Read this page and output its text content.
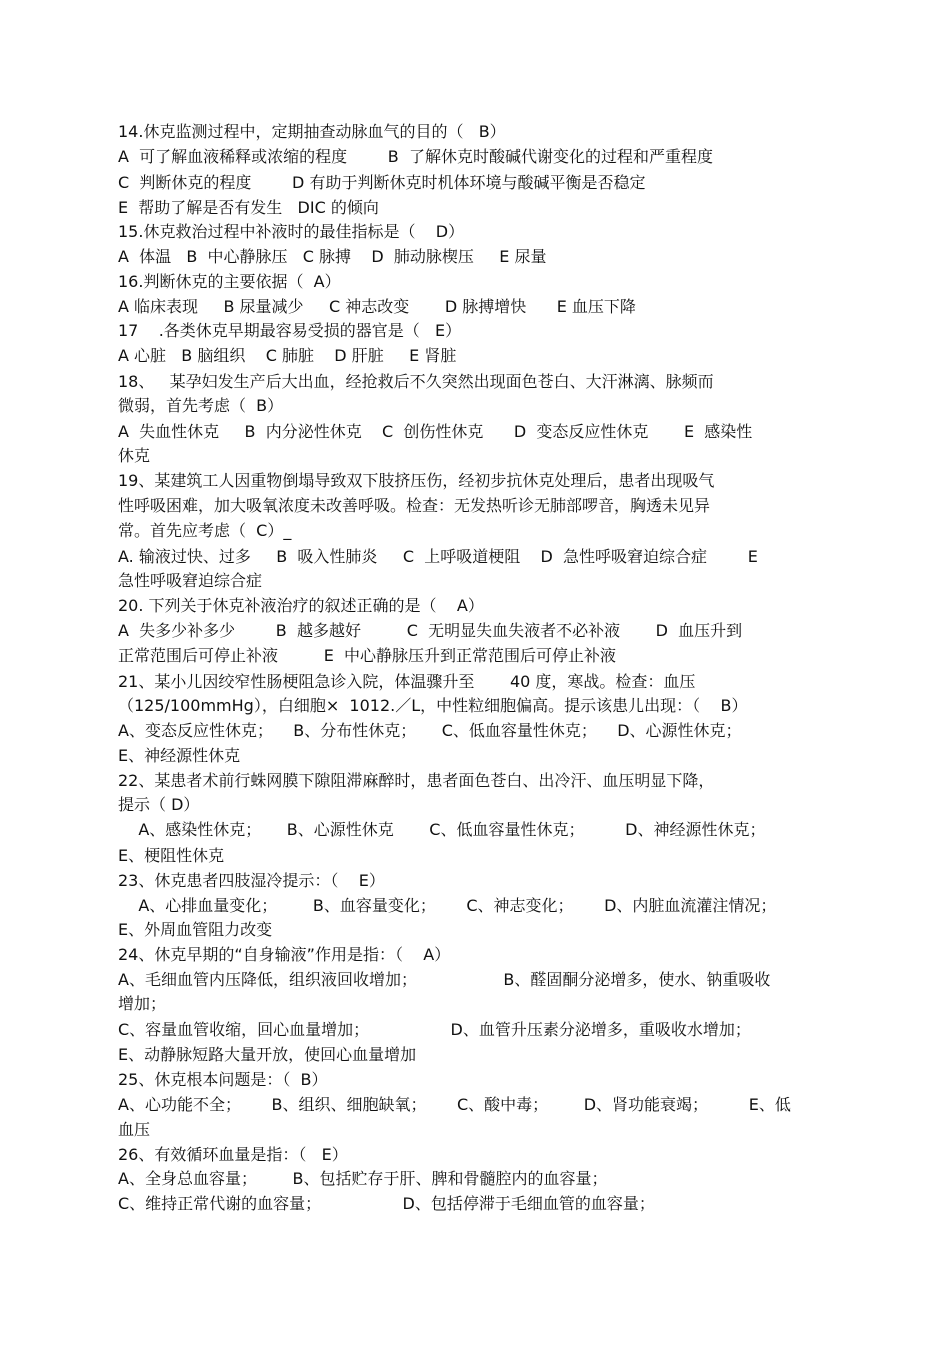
14.休克监测过程中，定期抽查动脉血气的目的（   B）
A  可了解血液稀释或浓缩的程度        B  了解休克时酸碱代谢变化的过程和严重程度
C  判断休克的程度        D 有助于判断休克时机体环境与酸碱平衡是否稳定
E  帮助了解是否有发生   DIC 的倾向
15.休克救治过程中补液时的最佳指标是（    D）
A  体温   B  中心静脉压   C 脉搏    D  肺动脉楔压     E 尿量
16.判断休克的主要依据（  A）
A 临床表现     B 尿量减少     C 神志改变       D 脉搏增快      E 血压下降
17    .各类休克早期最容易受损的器官是（   E）
A 心脏   B 脑组织    C 肺脏    D 肝脏     E 肾脏
18、   某孕妇发生产后大出血，经抢救后不久突然出现面色苍白、大汗淋漓、脉频而
微弱，首先考虑（  B）
A  失血性休克     B  内分泌性休克    C  创伤性休克      D  变态反应性休克       E  感染性
休克
19、某建筑工人因重物倒塌导致双下肢挤压伤，经初步抗休克处理后，患者出现吸气
性呼吸困难，加大吸氧浓度未改善呼吸。检查：无发热听诊无肺部啰音，胸透未见异
常。首先应考虑（  C）_
A. 输液过快、过多     B  吸入性肺炎     C  上呼吸道梗阻    D  急性呼吸窘迫综合症        E
急性呼吸窘迫综合症
20. 下列关于休克补液治疗的叙述正确的是（    A）
A  失多少补多少        B  越多越好         C  无明显失血失液者不必补液       D  血压升到
正常范围后可停止补液         E  中心静脉压升到正常范围后可停止补液
21、某小儿因绞窄性肠梗阻急诊入院，体温骤升至       40 度，寒战。检查：血压
（125/100mmHg），白细胞×  1012.／L，中性粒细胞偏高。提示该患儿出现：（    B）
A、变态反应性休克；    B、分布性休克；     C、低血容量性休克；    D、心源性休克；
E、神经源性休克
22、某患者术前行蛛网膜下隙阻滞麻醉时，患者面色苍白、出冷汗、血压明显下降，
提示（ D）
A、感染性休克；     B、心源性休克       C、低血容量性休克；        D、神经源性休克；
E、梗阻性休克
23、休克患者四肢湿冷提示：（    E）
A、心排血量变化；       B、血容量变化；      C、神志变化；      D、内脏血流灌注情况；
E、外周血管阻力改变
24、休克早期的“自身输液”作用是指：（    A）
A、毛细血管内压降低，组织液回收增加；                 B、醛固酮分泌增多，使水、钠重吸收
增加；
C、容量血管收缩，回心血量增加；                D、血管升压素分泌增多，重吸收水增加；
E、动静脉短路大量开放，使回心血量增加
25、休克根本问题是：（  B）
A、心功能不全；      B、组织、细胞缺氧；      C、酸中毒；       D、肾功能衰竭；        E、低
血压
26、有效循环血量是指：（   E）
A、全身总血容量；       B、包括贮存于肝、脾和骨髓腔内的血容量；
C、维持正常代谢的血容量；                D、包括停滞于毛细血管的血容量；
